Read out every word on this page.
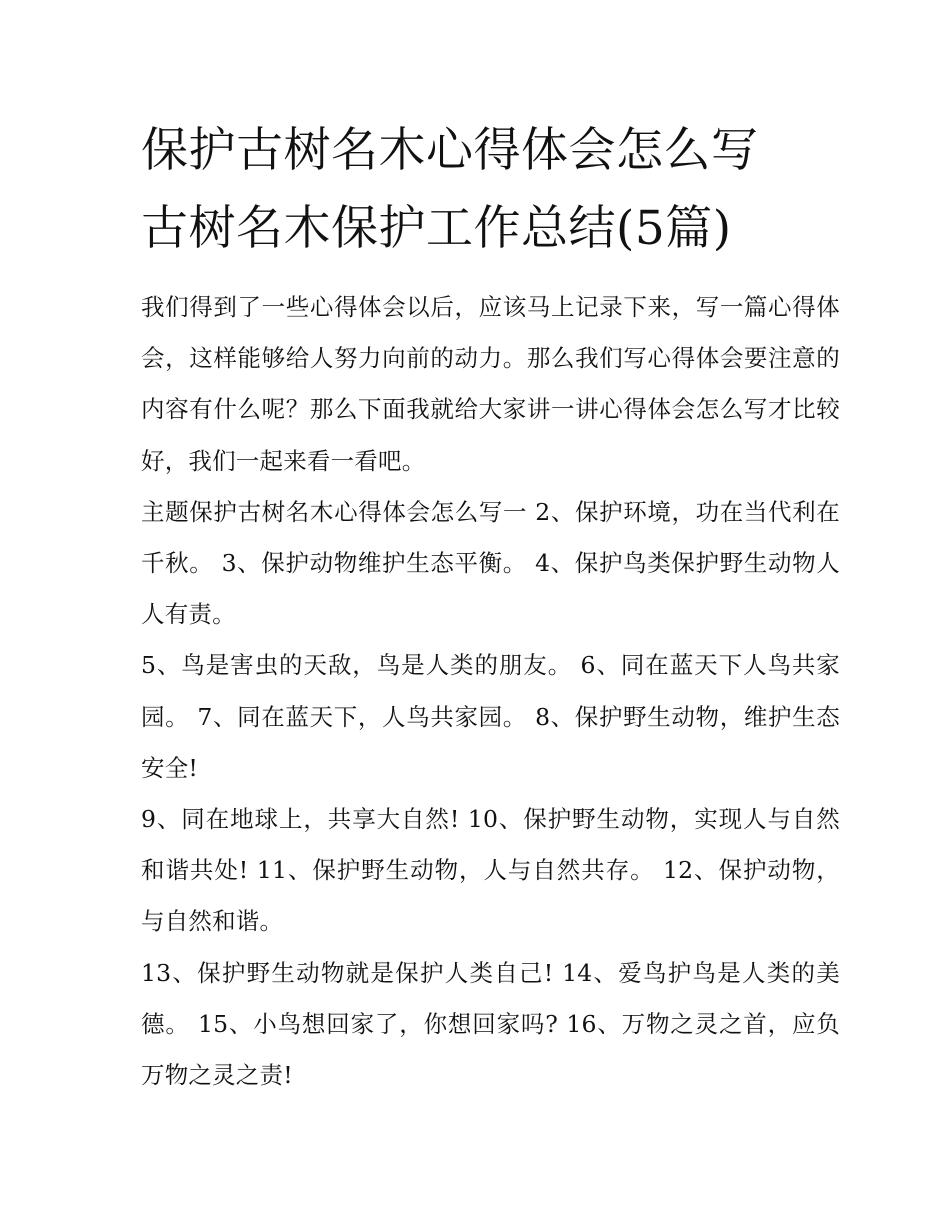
保护古树名木心得体会怎么写
古树名木保护工作总结(5篇)

我们得到了一些心得体会以后，应该马上记录下来，写一篇心得体会，这样能够给人努力向前的动力。那么我们写心得体会要注意的内容有什么呢？那么下面我就给大家讲一讲心得体会怎么写才比较好，我们一起来看一看吧。

主题保护古树名木心得体会怎么写一 2、保护环境，功在当代利在千秋。 3、保护动物维护生态平衡。 4、保护鸟类保护野生动物人人有责。

5、鸟是害虫的天敌，鸟是人类的朋友。 6、同在蓝天下人鸟共家园。 7、同在蓝天下，人鸟共家园。 8、保护野生动物，维护生态安全!

9、同在地球上，共享大自然! 10、保护野生动物，实现人与自然和谐共处! 11、保护野生动物，人与自然共存。 12、保护动物，与自然和谐。

13、保护野生动物就是保护人类自己! 14、爱鸟护鸟是人类的美德。 15、小鸟想回家了，你想回家吗? 16、万物之灵之首，应负万物之灵之责!
